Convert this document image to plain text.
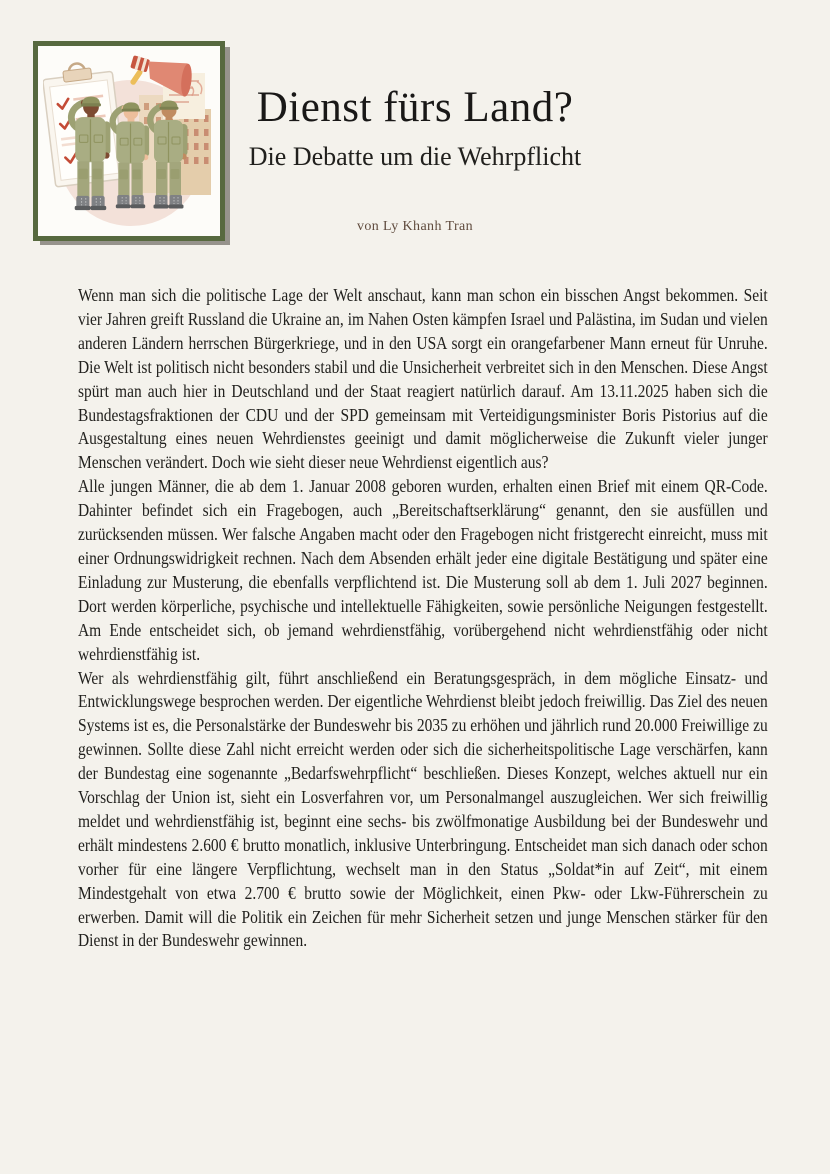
Dienst fürs Land?
Die Debatte um die Wehrpflicht
von Ly Khanh Tran

Wenn man sich die politische Lage der Welt anschaut, kann man schon ein bisschen Angst bekommen. Seit vier Jahren greift Russland die Ukraine an, im Nahen Osten kämpfen Israel und Palästina, im Sudan und vielen anderen Ländern herrschen Bürgerkriege, und in den USA sorgt ein orangefarbener Mann erneut für Unruhe. Die Welt ist politisch nicht besonders stabil und die Unsicherheit verbreitet sich in den Menschen. Diese Angst spürt man auch hier in Deutschland und der Staat reagiert natürlich darauf. Am 13.11.2025 haben sich die Bundestagsfraktionen der CDU und der SPD gemeinsam mit Verteidigungsminister Boris Pistorius auf die Ausgestaltung eines neuen Wehrdienstes geeinigt und damit möglicherweise die Zukunft vieler junger Menschen verändert. Doch wie sieht dieser neue Wehrdienst eigentlich aus?

Alle jungen Männer, die ab dem 1. Januar 2008 geboren wurden, erhalten einen Brief mit einem QR-Code. Dahinter befindet sich ein Fragebogen, auch „Bereitschaftserklärung“ genannt, den sie ausfüllen und zurücksenden müssen. Wer falsche Angaben macht oder den Fragebogen nicht fristgerecht einreicht, muss mit einer Ordnungswidrigkeit rechnen. Nach dem Absenden erhält jeder eine digitale Bestätigung und später eine Einladung zur Musterung, die ebenfalls verpflichtend ist. Die Musterung soll ab dem 1. Juli 2027 beginnen. Dort werden körperliche, psychische und intellektuelle Fähigkeiten, sowie persönliche Neigungen festgestellt. Am Ende entscheidet sich, ob jemand wehrdienstfähig, vorübergehend nicht wehrdienstfähig oder nicht wehrdienstfähig ist.

Wer als wehrdienstfähig gilt, führt anschließend ein Beratungsgespräch, in dem mögliche Einsatz- und Entwicklungswege besprochen werden. Der eigentliche Wehrdienst bleibt jedoch freiwillig. Das Ziel des neuen Systems ist es, die Personalstärke der Bundeswehr bis 2035 zu erhöhen und jährlich rund 20.000 Freiwillige zu gewinnen. Sollte diese Zahl nicht erreicht werden oder sich die sicherheitspolitische Lage verschärfen, kann der Bundestag eine sogenannte „Bedarfswehrpflicht“ beschließen. Dieses Konzept, welches aktuell nur ein Vorschlag der Union ist, sieht ein Losverfahren vor, um Personalmangel auszugleichen. Wer sich freiwillig meldet und wehrdienstfähig ist, beginnt eine sechs- bis zwölfmonatige Ausbildung bei der Bundeswehr und erhält mindestens 2.600 € brutto monatlich, inklusive Unterbringung. Entscheidet man sich danach oder schon vorher für eine längere Verpflichtung, wechselt man in den Status „Soldat*in auf Zeit“, mit einem Mindestgehalt von etwa 2.700 € brutto sowie der Möglichkeit, einen Pkw- oder Lkw-Führerschein zu erwerben. Damit will die Politik ein Zeichen für mehr Sicherheit setzen und junge Menschen stärker für den Dienst in der Bundeswehr gewinnen.
